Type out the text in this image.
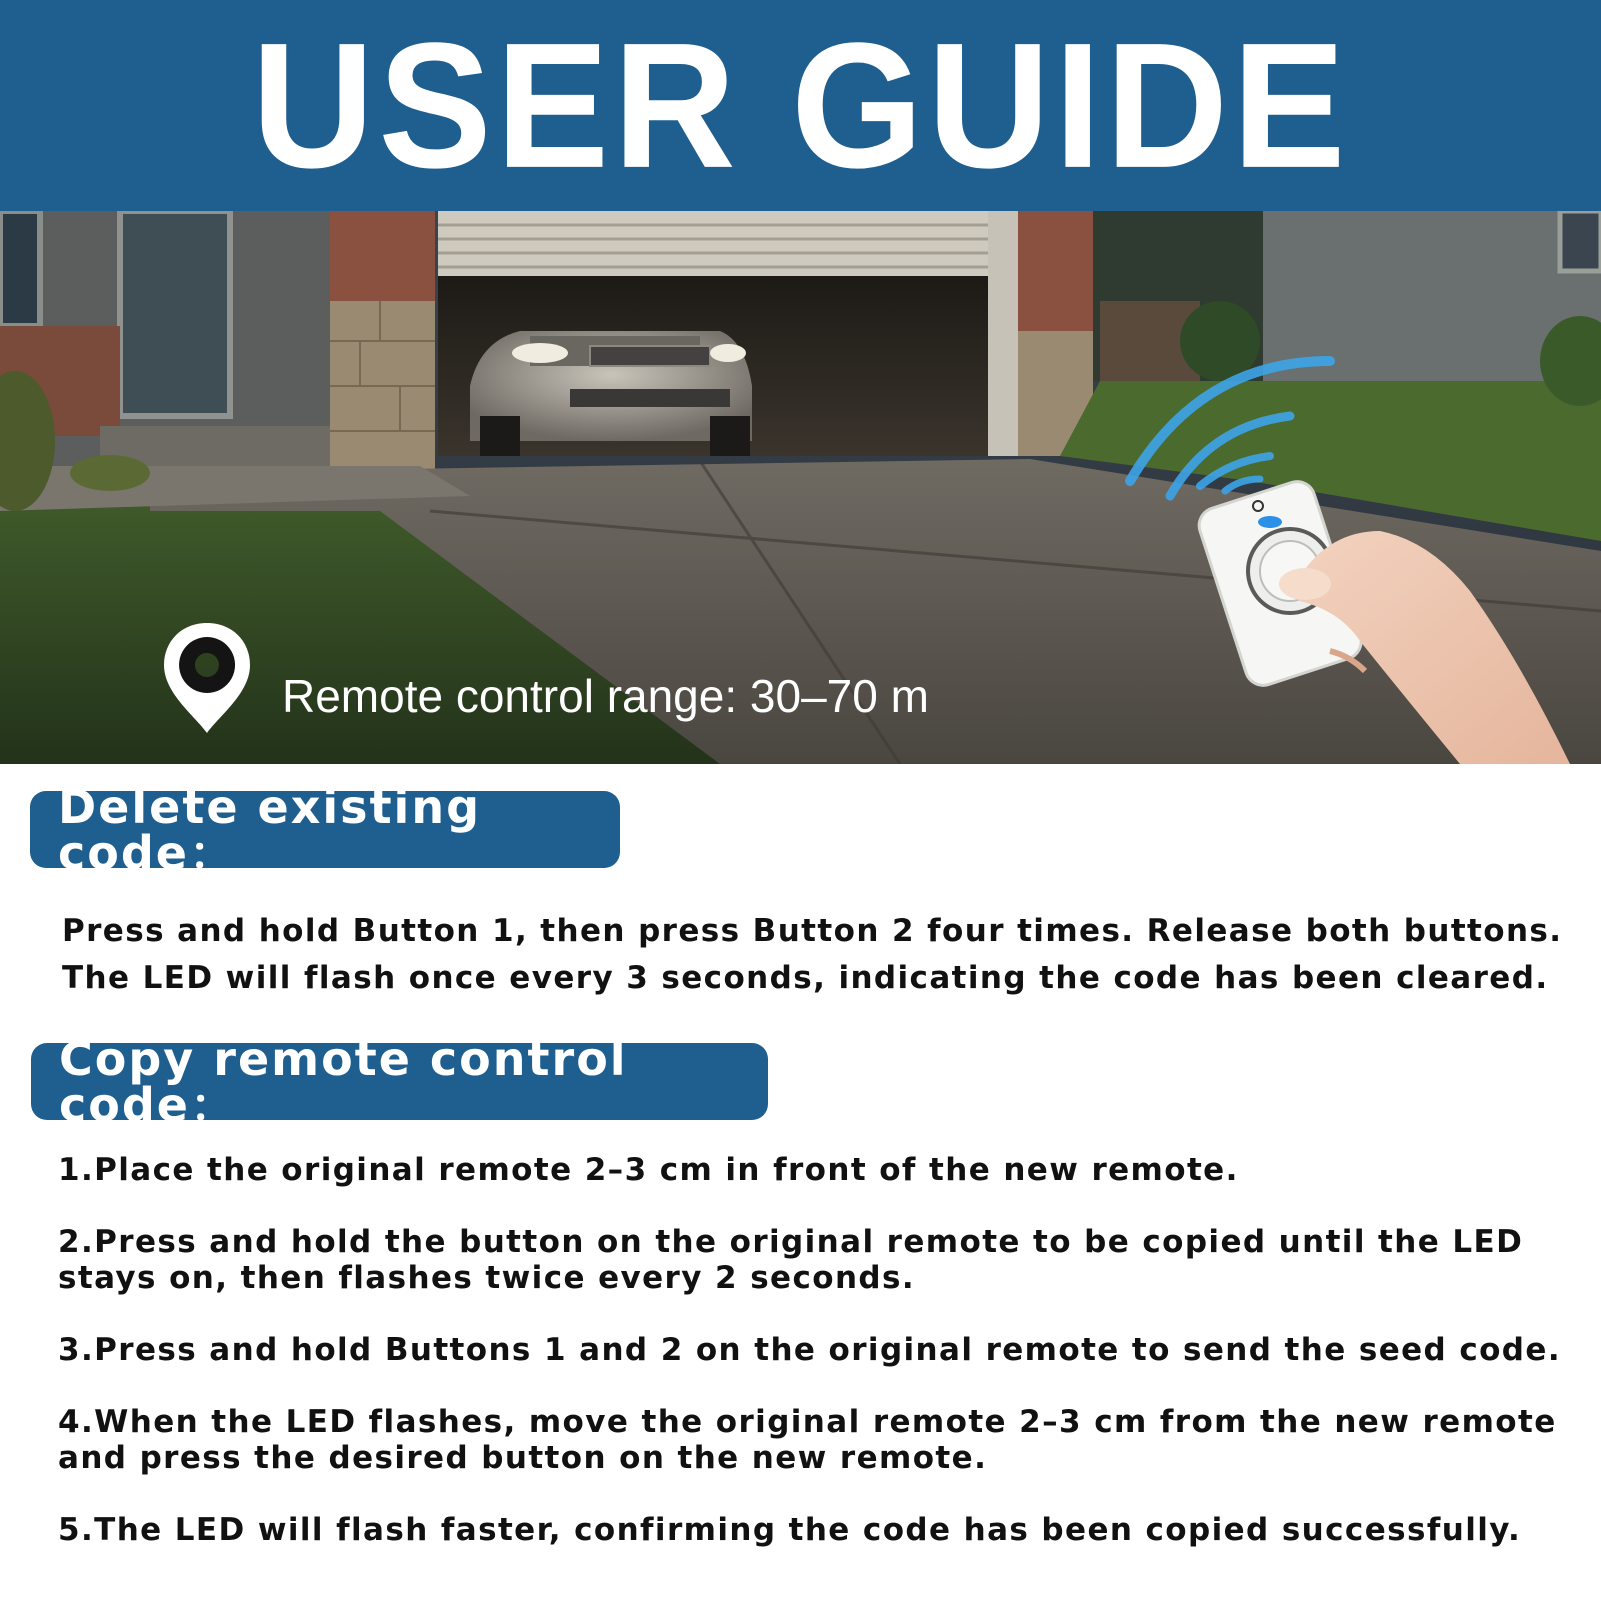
USER GUIDE
Remote control range: 30–70 m
Delete existing code：
Press and hold Button 1, then press Button 2 four times. Release both buttons.
The LED will flash once every 3 seconds, indicating the code has been cleared.
Copy remote control code：
1.Place the original remote 2–3 cm in front of the new remote.
2.Press and hold the button on the original remote to be copied until the LED
stays on, then flashes twice every 2 seconds.
3.Press and hold Buttons 1 and 2 on the original remote to send the seed code.
4.When the LED flashes, move the original remote 2–3 cm from the new remote
and press the desired button on the new remote.
5.The LED will flash faster, confirming the code has been copied successfully.
